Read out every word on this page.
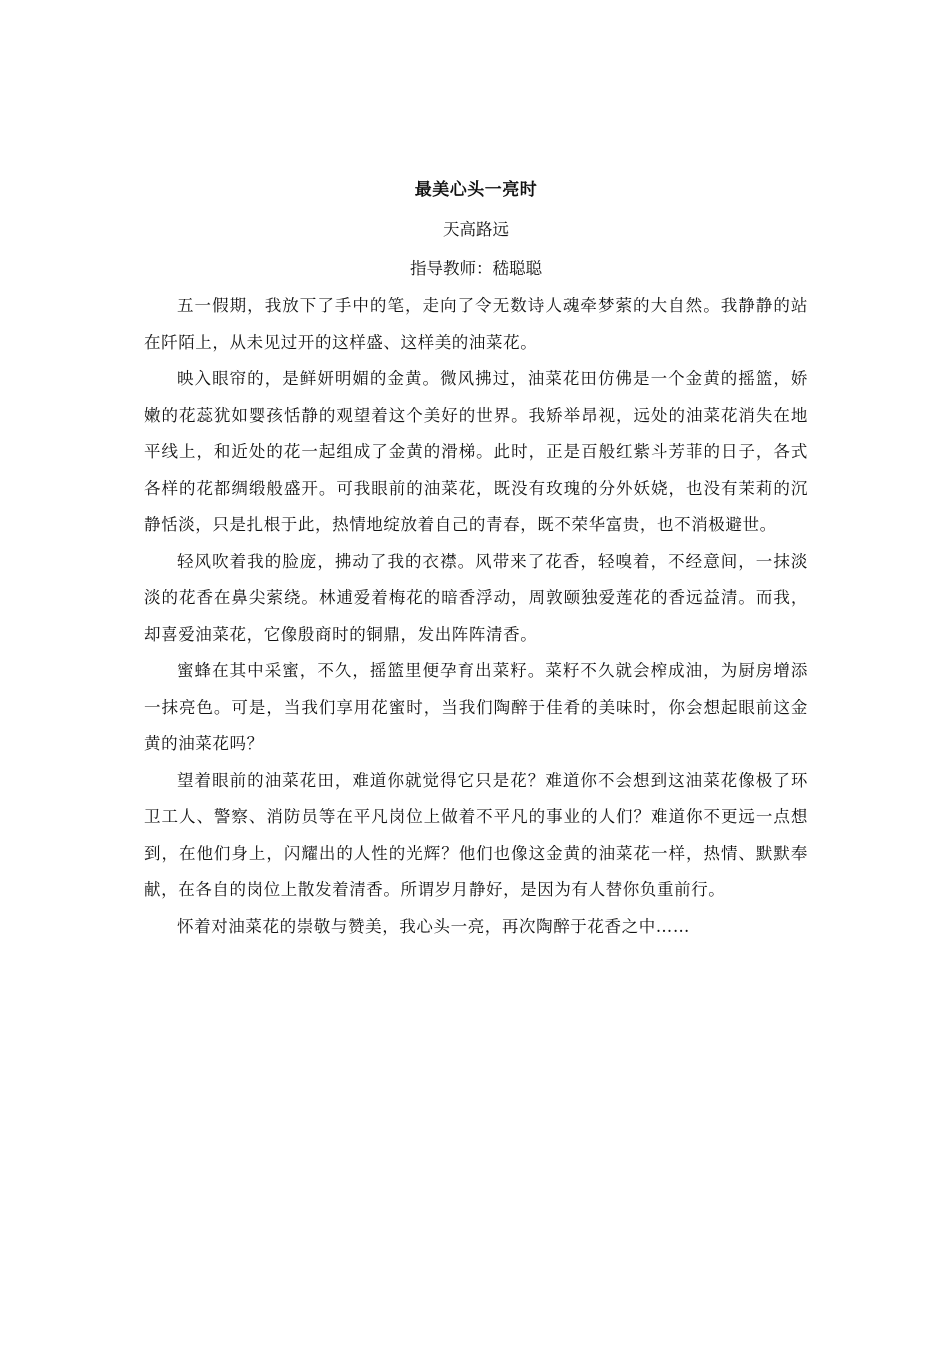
最美心头一亮时

天高路远

指导教师：嵇聪聪

五一假期，我放下了手中的笔，走向了令无数诗人魂牵梦萦的大自然。我静静的站在阡陌上，从未见过开的这样盛、这样美的油菜花。

映入眼帘的，是鲜妍明媚的金黄。微风拂过，油菜花田仿佛是一个金黄的摇篮，娇嫩的花蕊犹如婴孩恬静的观望着这个美好的世界。我矫举昂视，远处的油菜花消失在地平线上，和近处的花一起组成了金黄的滑梯。此时，正是百般红紫斗芳菲的日子，各式各样的花都绸缎般盛开。可我眼前的油菜花，既没有玫瑰的分外妖娆，也没有茉莉的沉静恬淡，只是扎根于此，热情地绽放着自己的青春，既不荣华富贵，也不消极避世。

轻风吹着我的脸庞，拂动了我的衣襟。风带来了花香，轻嗅着，不经意间，一抹淡淡的花香在鼻尖萦绕。林逋爱着梅花的暗香浮动，周敦颐独爱莲花的香远益清。而我，却喜爱油菜花，它像殷商时的铜鼎，发出阵阵清香。

蜜蜂在其中采蜜，不久，摇篮里便孕育出菜籽。菜籽不久就会榨成油，为厨房增添一抹亮色。可是，当我们享用花蜜时，当我们陶醉于佳肴的美味时，你会想起眼前这金黄的油菜花吗？

望着眼前的油菜花田，难道你就觉得它只是花？难道你不会想到这油菜花像极了环卫工人、警察、消防员等在平凡岗位上做着不平凡的事业的人们？难道你不更远一点想到，在他们身上，闪耀出的人性的光辉？他们也像这金黄的油菜花一样，热情、默默奉献，在各自的岗位上散发着清香。所谓岁月静好，是因为有人替你负重前行。

怀着对油菜花的崇敬与赞美，我心头一亮，再次陶醉于花香之中……
